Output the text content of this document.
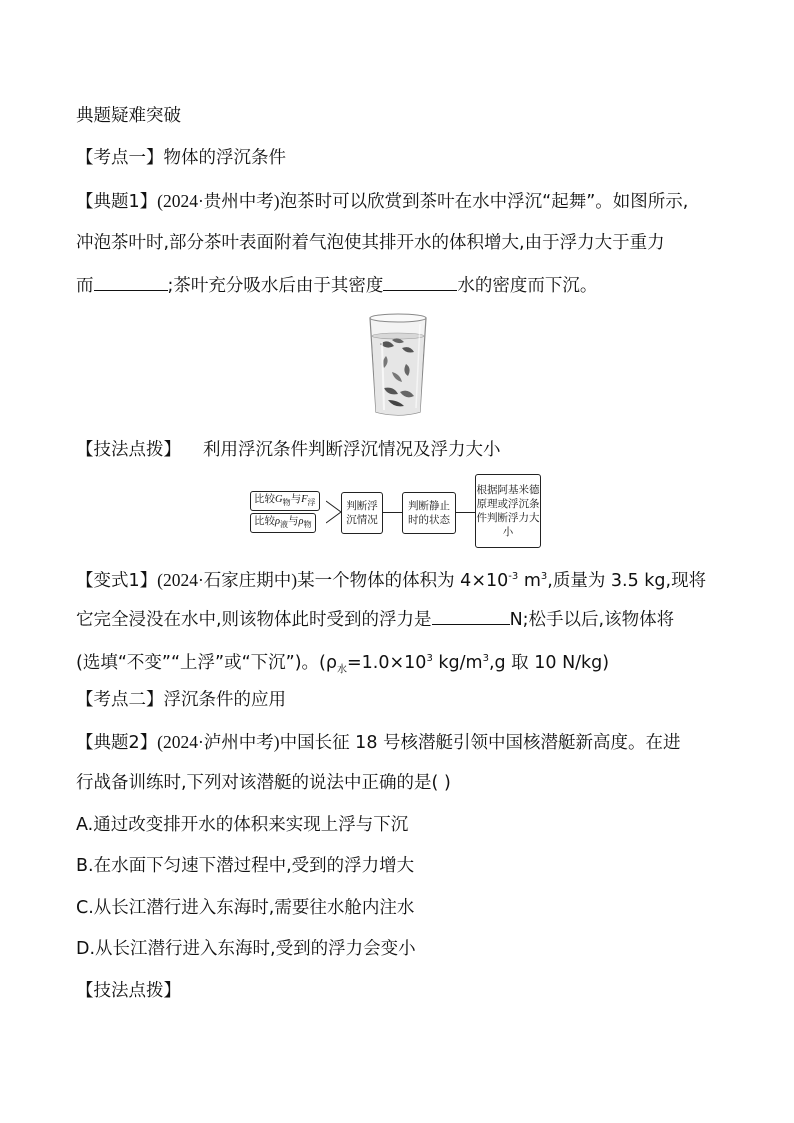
典题疑难突破
【考点一】物体的浮沉条件
【典题1】(2024·贵州中考)泡茶时可以欣赏到茶叶在水中浮沉“起舞”。如图所示,
冲泡茶叶时,部分茶叶表面附着气泡使其排开水的体积增大,由于浮力大于重力
而	;茶叶充分吸水后由于其密度	水的密度而下沉。
【技法点拨】 利用浮沉条件判断浮沉情况及浮力大小
比较$G_物$与$F_浮$
比较$\rho_液$与$\rho_物$
判断浮沉情况
判断静止时的状态
根据阿基米德原理或浮沉条件判断浮力大小
【变式1】(2024·石家庄期中)某一个物体的体积为 $4\times 10^{-3}$ $m^3$,质量为 3.5 kg,现将
它完全浸没在水中,则该物体此时受到的浮力是	N;松手以后,该物体将
(选填“不变”“上浮”或“下沉”)。($\rho_水=1.0\times 10^3$ $kg/m^3,g$ 取 10 N/kg)
【考点二】浮沉条件的应用
【典题2】(2024·泸州中考)中国长征 18 号核潜艇引领中国核潜艇新高度。在进
行战备训练时,下列对该潜艇的说法中正确的是( )
A.通过改变排开水的体积来实现上浮与下沉
B.在水面下匀速下潜过程中,受到的浮力增大
C.从长江潜行进入东海时,需要往水舱内注水
D.从长江潜行进入东海时,受到的浮力会变小
【技法点拨】
